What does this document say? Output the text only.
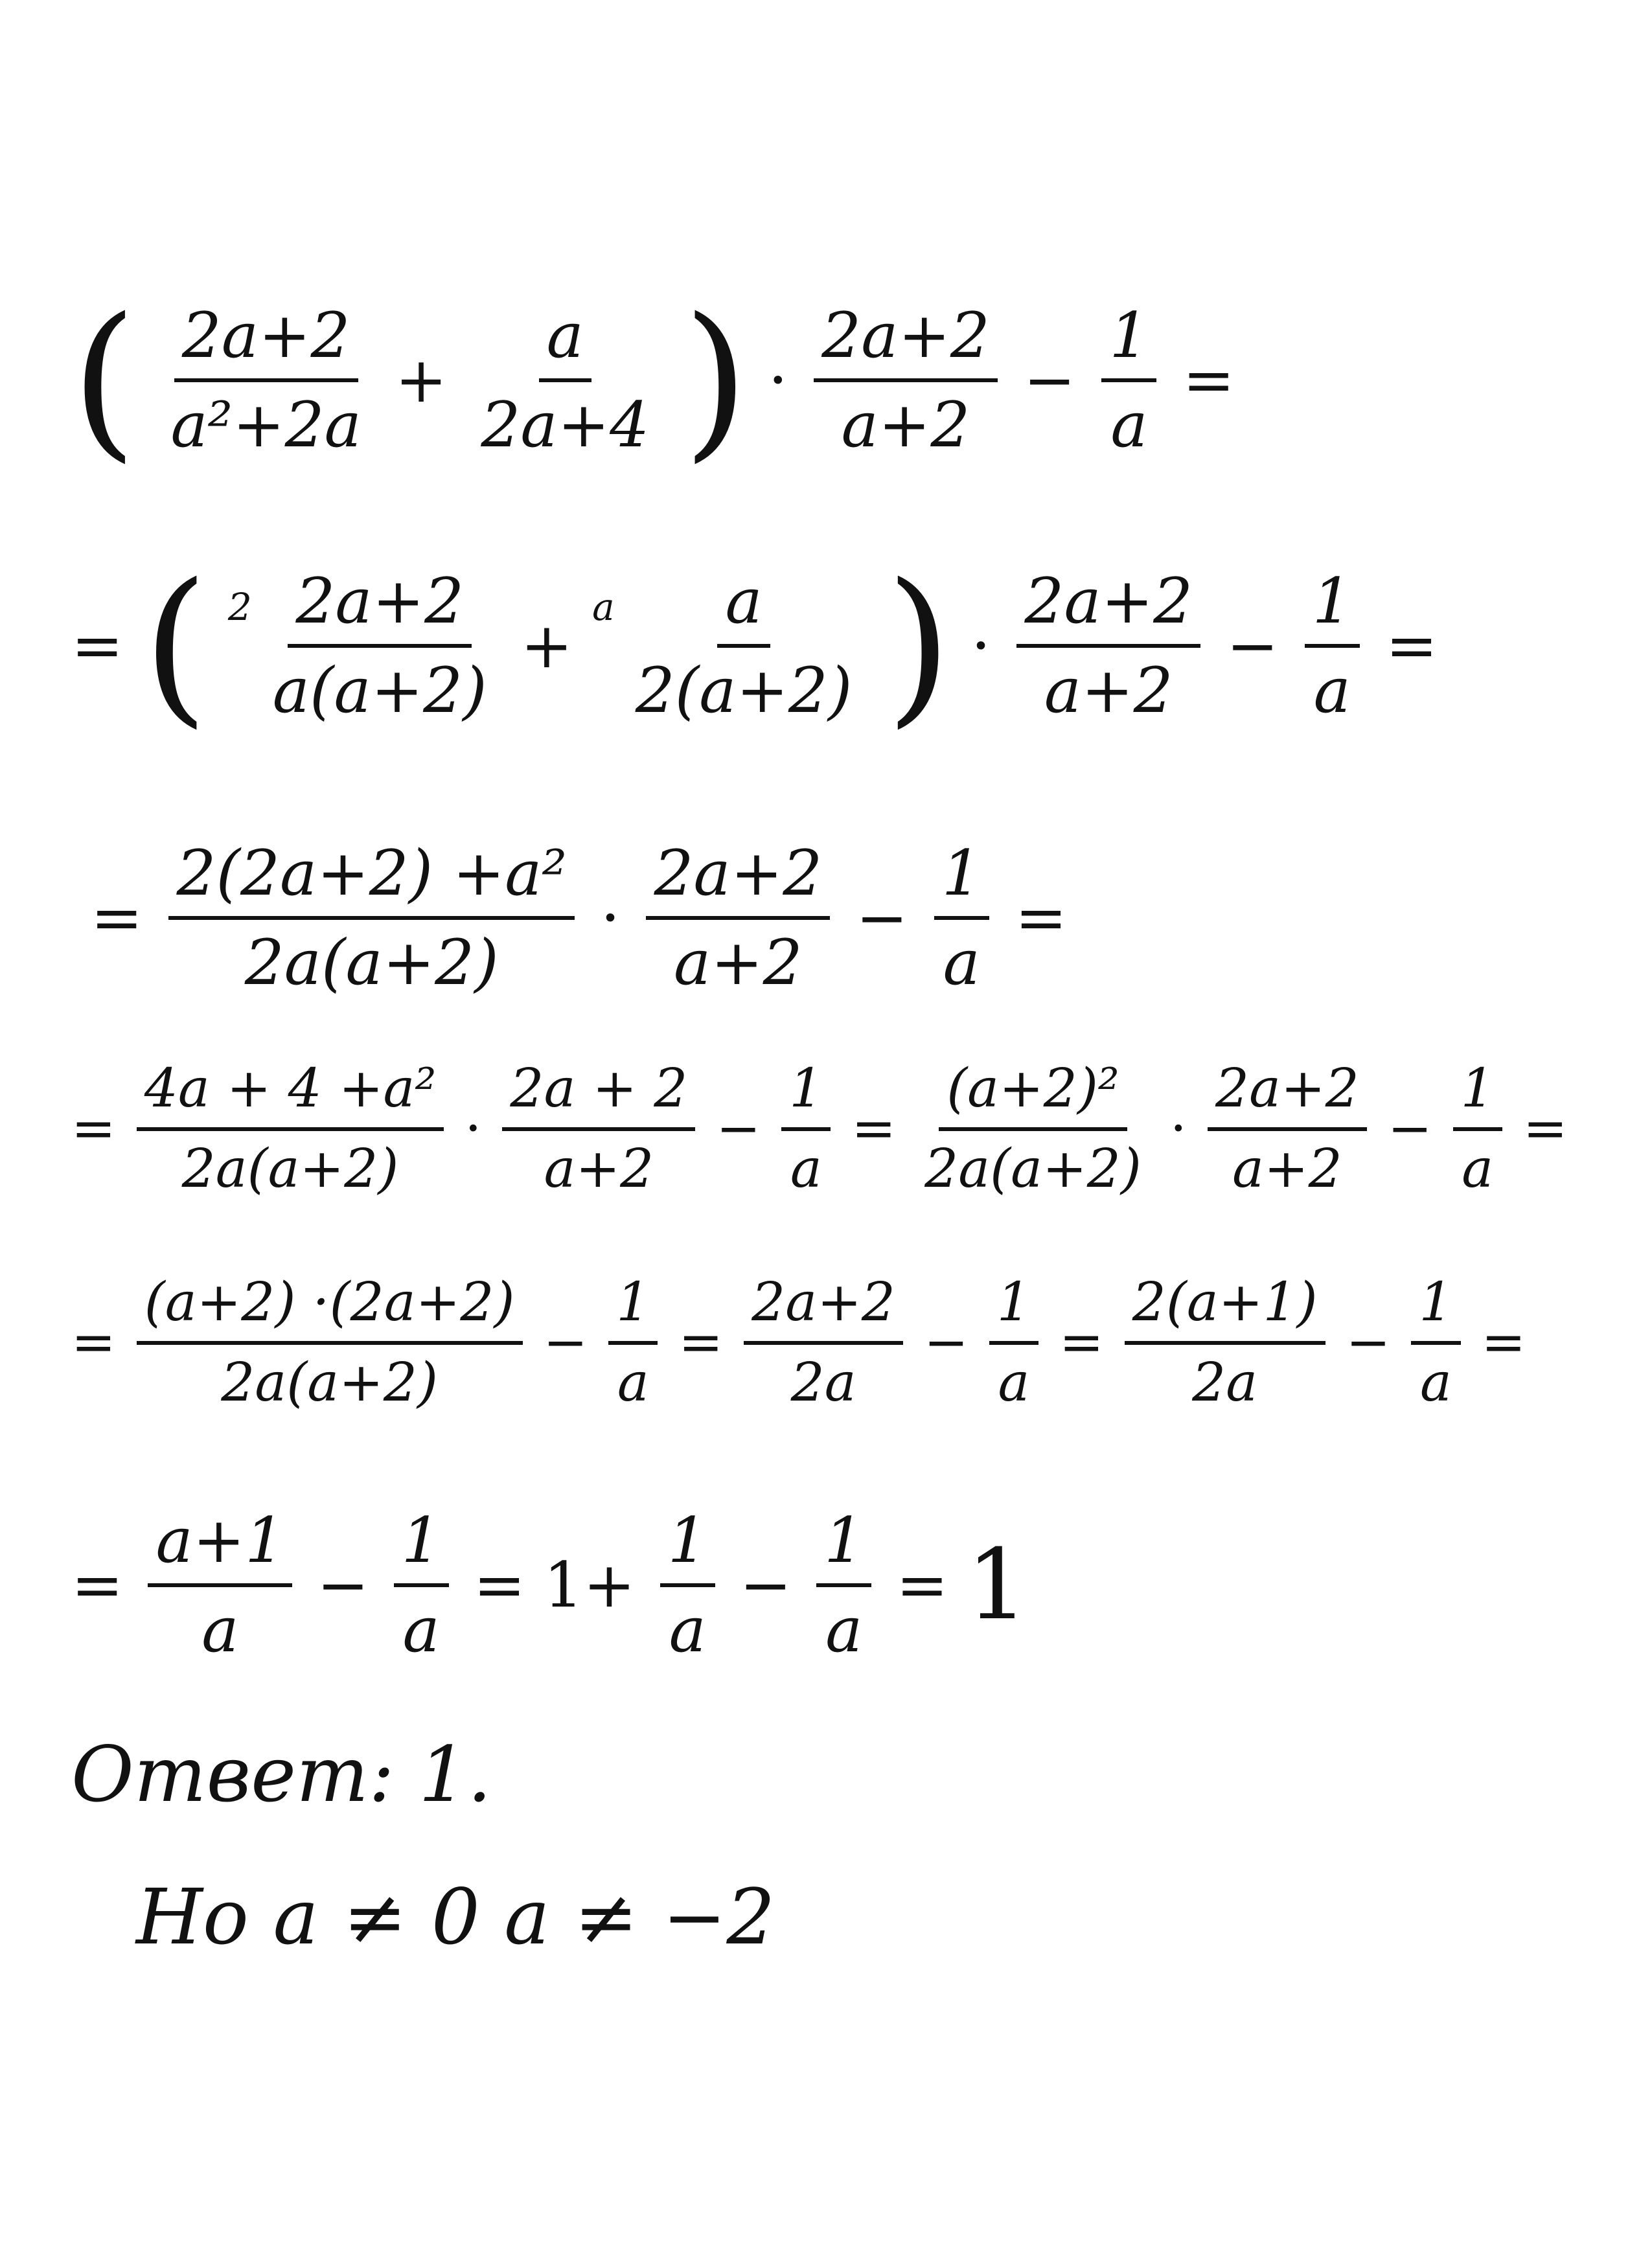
( $\frac{2a+2}{\text{a²+2a}} + \frac{a}{2a+4}$ ) · $\frac{2a+2}{a+2} - \frac{1}{a}$ =
= ( $2 \frac{2a+2}{a(a+2)}$ +
a $\frac{a}{2(a+2)}$ ) · $\frac{2a+2}{a+2} - \frac{1}{a}$ =
= $\frac{\text{2(2a+2) +a²}}{2a(a+2)} \cdot \frac{2a+2}{a+2} - \frac{1}{a}$ =
= $\frac{\text{4a + 4 +a²}}{2a(a+2)} \cdot \frac{2a + 2}{a+2} - \frac{1}{a} = \frac{\text{(a+2)²}}{2a(a+2)} \cdot \frac{2a+2}{a+2} - \frac{1}{a}$ =
= $\frac{(a+2) \cdot(2a+2)}{2a(a+2)} - \frac{1}{a} = \frac{2a+2}{2a} - \frac{1}{a} = \frac{2(a+1)}{2a} - \frac{1}{a}$ =
= $\frac{a+1}{a} - \frac{1}{a} = 1+ \frac{1}{a} - \frac{1}{a} = 1$
Ответ: 1.
Но a ≠ 0 a ≠ −2
